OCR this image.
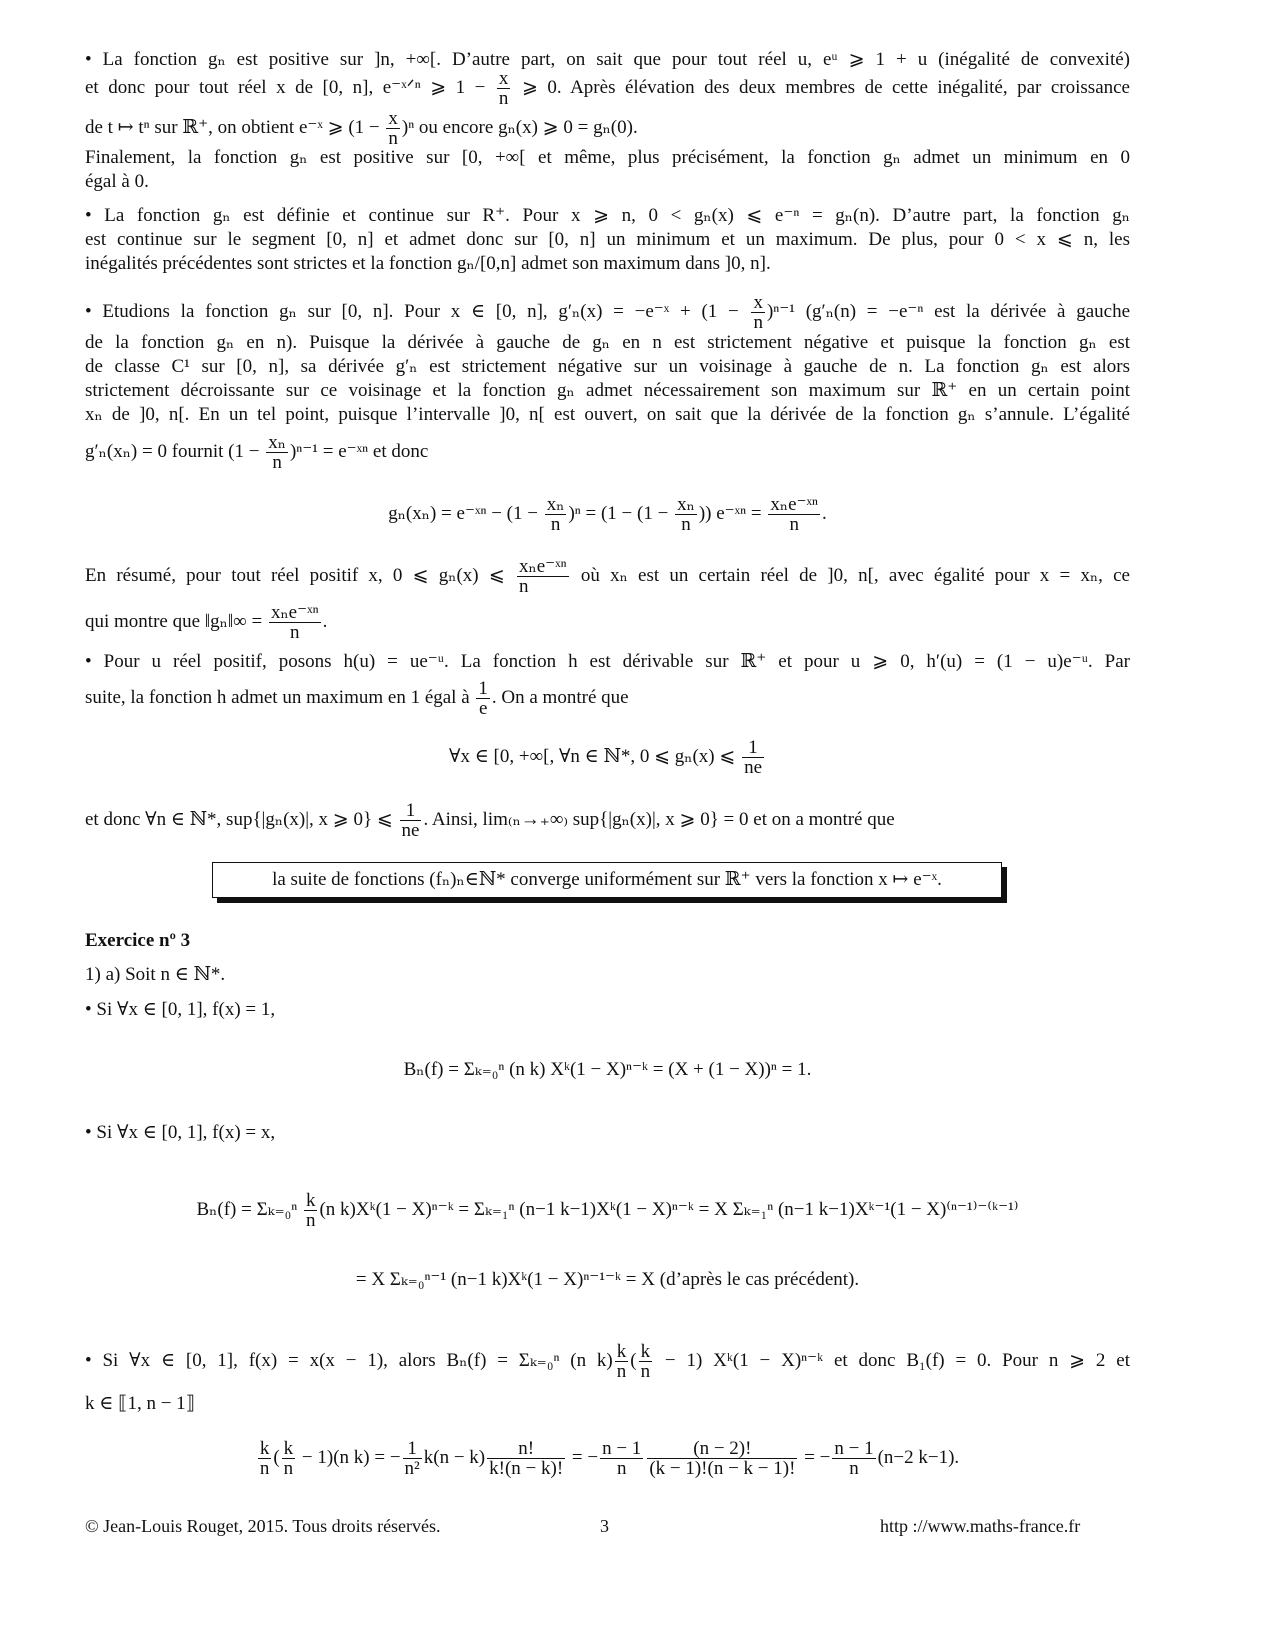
• La fonction gₙ est positive sur ]n, +∞[. D’autre part, on sait que pour tout réel u, eᵘ ⩾ 1 + u (inégalité de convexité)
et donc pour tout réel x de [0, n], e⁻ˣᐟⁿ ⩾ $1 - \frac{x}{n}$ ⩾ 0. Après élévation des deux membres de cette inégalité, par croissance
de t ↦ tⁿ sur ℝ⁺, on obtient e⁻ˣ ⩾ $(1 - \frac{x}{n} )^n$ ou encore gₙ(x) ⩾ 0 = gₙ(0).
Finalement, la fonction gₙ est positive sur [0, +∞[ et même, plus précisément, la fonction gₙ admet un minimum en 0
égal à 0.
• La fonction gₙ est définie et continue sur R⁺. Pour x ⩾ n, 0 < gₙ(x) ⩽ e⁻ⁿ = gₙ(n). D’autre part, la fonction gₙ
est continue sur le segment [0, n] et admet donc sur [0, n] un minimum et un maximum. De plus, pour 0 < x ⩽ n, les
inégalités précédentes sont strictes et la fonction gₙ/[0,n] admet son maximum dans ]0, n].
• Etudions la fonction gₙ sur [0, n]. Pour x ∈ [0, n], g′ₙ(x) = −e⁻ˣ + $(1 - \frac{x}{n} )^{n-1}$ (g′ₙ(n) = −e⁻ⁿ est la dérivée à gauche
de la fonction gₙ en n). Puisque la dérivée à gauche de gₙ en n est strictement négative et puisque la fonction gₙ est
de classe C¹ sur [0, n], sa dérivée g′ₙ est strictement négative sur un voisinage à gauche de n. La fonction gₙ est alors
strictement décroissante sur ce voisinage et la fonction gₙ admet nécessairement son maximum sur ℝ⁺ en un certain point
xₙ de ]0, n[. En un tel point, puisque l’intervalle ]0, n[ est ouvert, on sait que la dérivée de la fonction gₙ s’annule. L’égalité
g′ₙ(xₙ) = 0 fournit $(1 - \frac{\text{xₙ}}{n} )^{n-1}$ = e⁻ˣⁿ et donc
gₙ(xₙ) = e⁻ˣⁿ − $(1 - \frac{\text{xₙ}}{n} )^n = (1 - (1 - \frac{\text{xₙ}}{n}$ )) e⁻ˣⁿ = $\frac{\text{xₙe⁻ˣⁿ}}{n}$ .
En résumé, pour tout réel positif x, 0 ⩽ gₙ(x) ⩽ $\frac{\text{xₙe⁻ˣⁿ}}{n}$ où xₙ est un certain réel de ]0, n[, avec égalité pour x = xₙ, ce
qui montre que ‖gₙ‖∞ = $\frac{\text{xₙe⁻ˣⁿ}}{n}$ .
• Pour u réel positif, posons h(u) = ue⁻ᵘ. La fonction h est dérivable sur ℝ⁺ et pour u ⩾ 0, h′(u) = (1 − u)e⁻ᵘ. Par
suite, la fonction h admet un maximum en 1 égal à $\frac{1}{e}$ . On a montré que
∀x ∈ [0, +∞[, ∀n ∈ ℕ*, 0 ⩽ gₙ(x) ⩽ $\frac{1}{ne}$
et donc ∀n ∈ ℕ*, sup{|gₙ(x)|, x ⩾ 0} ⩽ $\frac{1}{ne}$ . Ainsi, lim₍ₙ→₊∞₎ sup{|gₙ(x)|, x ⩾ 0} = 0 et on a montré que
Exercice nº 3
1) a) Soit n ∈ ℕ*.
• Si ∀x ∈ [0, 1], f(x) = 1,
Bₙ(f) = Σₖ₌₀ⁿ (n k) Xᵏ(1 − X)ⁿ⁻ᵏ = (X + (1 − X))ⁿ = 1.
• Si ∀x ∈ [0, 1], f(x) = x,
$B_n(f) = \Sigma_{k=0}^n \frac{k}{n} (n$ k)Xᵏ(1 − X)ⁿ⁻ᵏ = Σₖ₌₁ⁿ (n−1 k−1)Xᵏ(1 − X)ⁿ⁻ᵏ = X Σₖ₌₁ⁿ (n−1 k−1)Xᵏ⁻¹(1 − X)⁽ⁿ⁻¹⁾⁻⁽ᵏ⁻¹⁾
= X Σₖ₌₀ⁿ⁻¹ (n−1 k)Xᵏ(1 − X)ⁿ⁻¹⁻ᵏ = X (d’après le cas précédent).
• Si ∀x ∈ [0, 1], f(x) = x(x − 1), alors Bₙ(f) = Σₖ₌₀ⁿ (n $k) \frac{k}{n}$ ( $\frac{k}{n} - 1$) Xᵏ(1 − X)ⁿ⁻ᵏ et donc B₁(f) = 0. Pour n ⩾ 2 et
k ∈ ⟦1, n − 1⟧
$\frac{k}{n}$ ( $\frac{k}{n} - 1)(n$ k) = − $\frac{1}{\text{n²}} k(n - k) \frac{n!}{k!(n - k)!}$ = − $\frac{n - 1}{n} \frac{(n - 2)!}{(k - 1)!(n - k - 1)!}$ = − $\frac{n - 1}{n} (n-2$ k−1).
la suite de fonctions (fₙ)ₙ∈ℕ* converge uniformément sur ℝ⁺ vers la fonction x ↦ e⁻ˣ.
© Jean-Louis Rouget, 2015. Tous droits réservés.	3	http ://www.maths-france.fr
